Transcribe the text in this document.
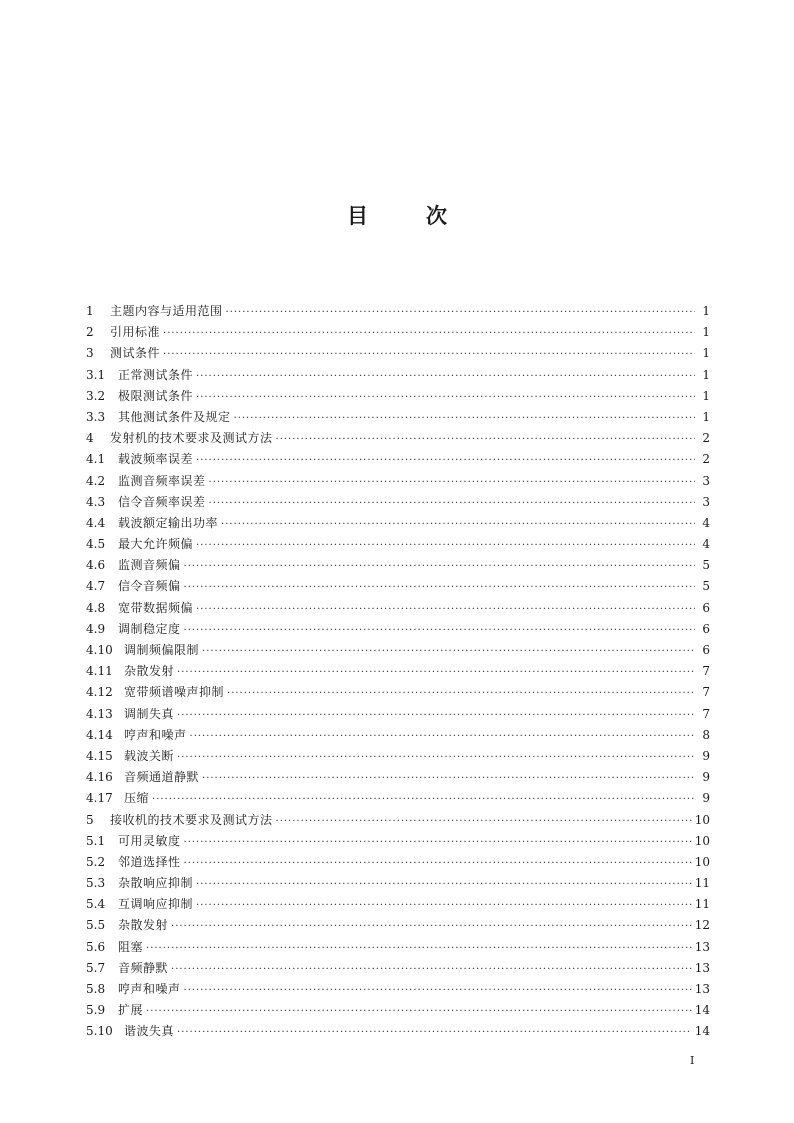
目	次
1	主题内容与适用范围 ·····	1
2	引用标准 ·····	1
3	测试条件 ·····	1
3.1	正常测试条件 ·····	1
3.2	极限测试条件 ·····	1
3.3	其他测试条件及规定 ·····	1
4	发射机的技术要求及测试方法 ·····	2
4.1	载波频率误差 ·····	2
4.2	监测音频率误差 ·····	3
4.3	信令音频率误差 ·····	3
4.4	载波额定输出功率 ·····	4
4.5	最大允许频偏 ·····	4
4.6	监测音频偏 ·····	5
4.7	信令音频偏 ·····	5
4.8	宽带数据频偏 ·····	6
4.9	调制稳定度 ·····	6
4.10 调制频偏限制 ·····	6
4.11 杂散发射 ·····	7
4.12 宽带频谱噪声抑制 ·····	7
4.13 调制失真 ·····	7
4.14 哼声和噪声 ·····	8
4.15 载波关断 ·····	9
4.16 音频通道静默 ·····	9
4.17 压缩 ·····	9
5	接收机的技术要求及测试方法 ·····	10
5.1	可用灵敏度 ·····	10
5.2	邻道选择性 ·····	10
5.3	杂散响应抑制 ·····	11
5.4	互调响应抑制 ·····	11
5.5	杂散发射 ·····	12
5.6	阻塞 ·····	13
5.7	音频静默 ·····	13
5.8	哼声和噪声 ·····	13
5.9	扩展 ·····	14
5.10 谐波失真 ·····	14
I
